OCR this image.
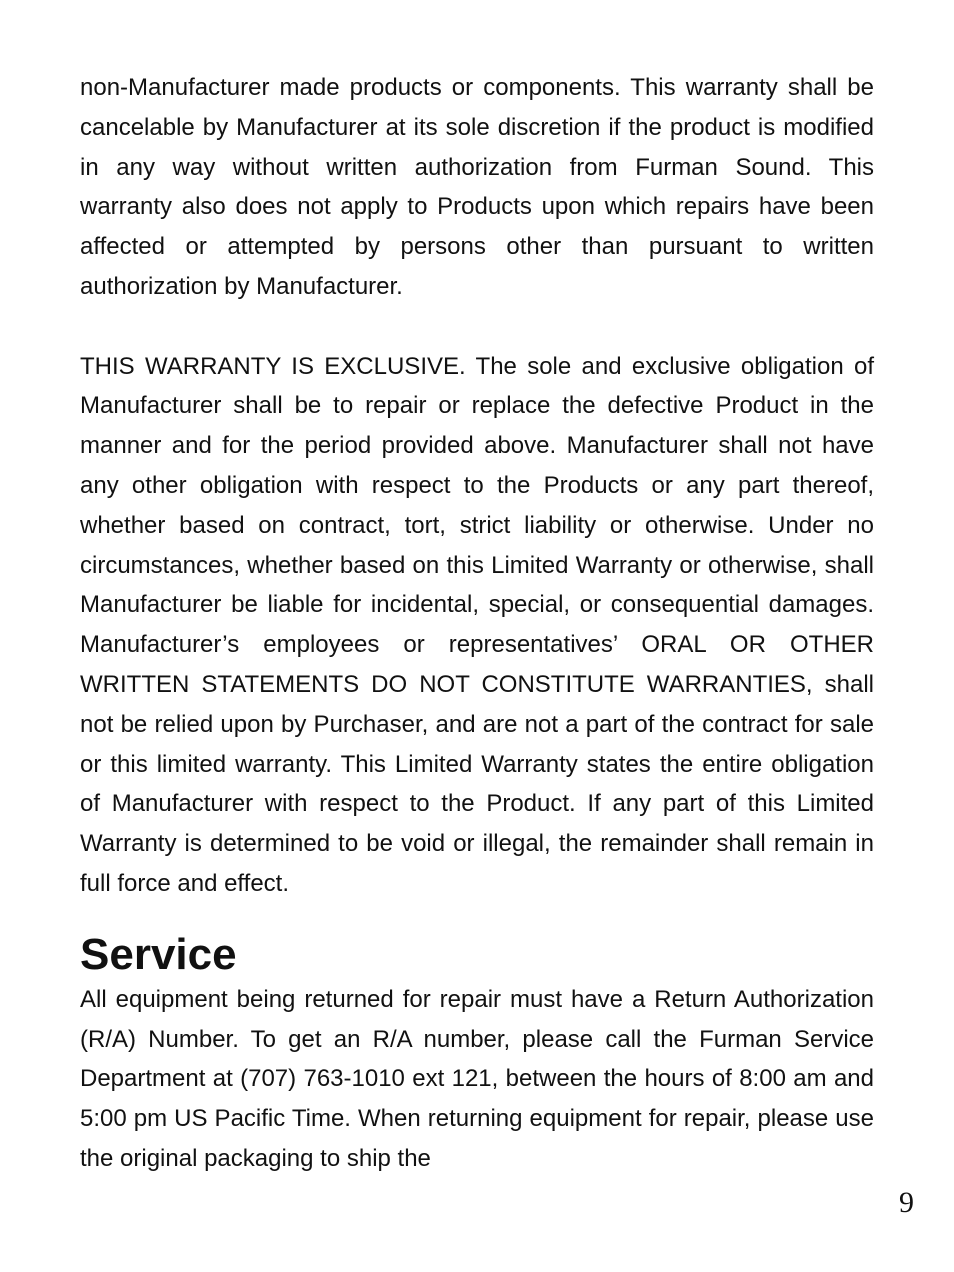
non-Manufacturer made products or components. This warranty shall be cancelable by Manufacturer at its sole discretion if the product is modified in any way without written authorization from Furman Sound. This warranty also does not apply to Products upon which repairs have been affected or attempted by persons other than pursuant to written authorization by Manufacturer.

THIS WARRANTY IS EXCLUSIVE. The sole and exclusive obligation of Manufacturer shall be to repair or replace the defective Product in the manner and for the period provided above. Manufacturer shall not have any other obligation with respect to the Products or any part thereof, whether based on contract, tort, strict liability or otherwise. Under no circumstances, whether based on this Limited Warranty or otherwise, shall Manufacturer be liable for incidental, special, or consequential damages. Manufacturer’s employees or representatives’ ORAL OR OTHER WRITTEN STATEMENTS DO NOT CONSTITUTE WARRANTIES, shall not be relied upon by Purchaser, and are not a part of the contract for sale or this limited warranty. This Limited Warranty states the entire obligation of Manufacturer with respect to the Product. If any part of this Limited Warranty is determined to be void or illegal, the remainder shall remain in full force and effect.

Service

All equipment being returned for repair must have a Return Authorization (R/A) Number. To get an R/A number, please call the Furman Service Department at (707) 763-1010 ext 121, between the hours of 8:00 am and 5:00 pm US Pacific Time. When returning equipment for repair, please use the original packaging to ship the

9
